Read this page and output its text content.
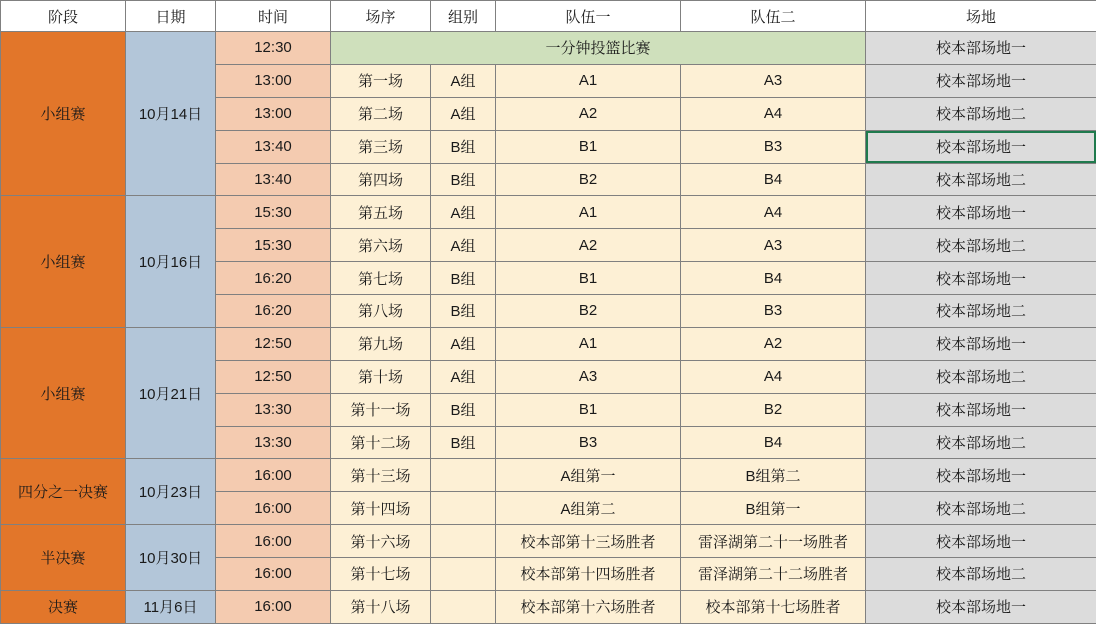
阶段	日期	时间	场序	组别	队伍一	队伍二	场地
小组赛	10月14日	12:30	一分钟投篮比赛				校本部场地一
		13:00	第一场	A组	A1	A3	校本部场地一
		13:00	第二场	A组	A2	A4	校本部场地二
		13:40	第三场	B组	B1	B3	校本部场地一
		13:40	第四场	B组	B2	B4	校本部场地二
小组赛	10月16日	15:30	第五场	A组	A1	A4	校本部场地一
		15:30	第六场	A组	A2	A3	校本部场地二
		16:20	第七场	B组	B1	B4	校本部场地一
		16:20	第八场	B组	B2	B3	校本部场地二
小组赛	10月21日	12:50	第九场	A组	A1	A2	校本部场地一
		12:50	第十场	A组	A3	A4	校本部场地二
		13:30	第十一场	B组	B1	B2	校本部场地一
		13:30	第十二场	B组	B3	B4	校本部场地二
四分之一决赛	10月23日	16:00	第十三场		A组第一	B组第二	校本部场地一
		16:00	第十四场		A组第二	B组第一	校本部场地二
半决赛	10月30日	16:00	第十六场		校本部第十三场胜者	雷泽湖第二十一场胜者	校本部场地一
		16:00	第十七场		校本部第十四场胜者	雷泽湖第二十二场胜者	校本部场地二
决赛	11月6日	16:00	第十八场		校本部第十六场胜者	校本部第十七场胜者	校本部场地一
